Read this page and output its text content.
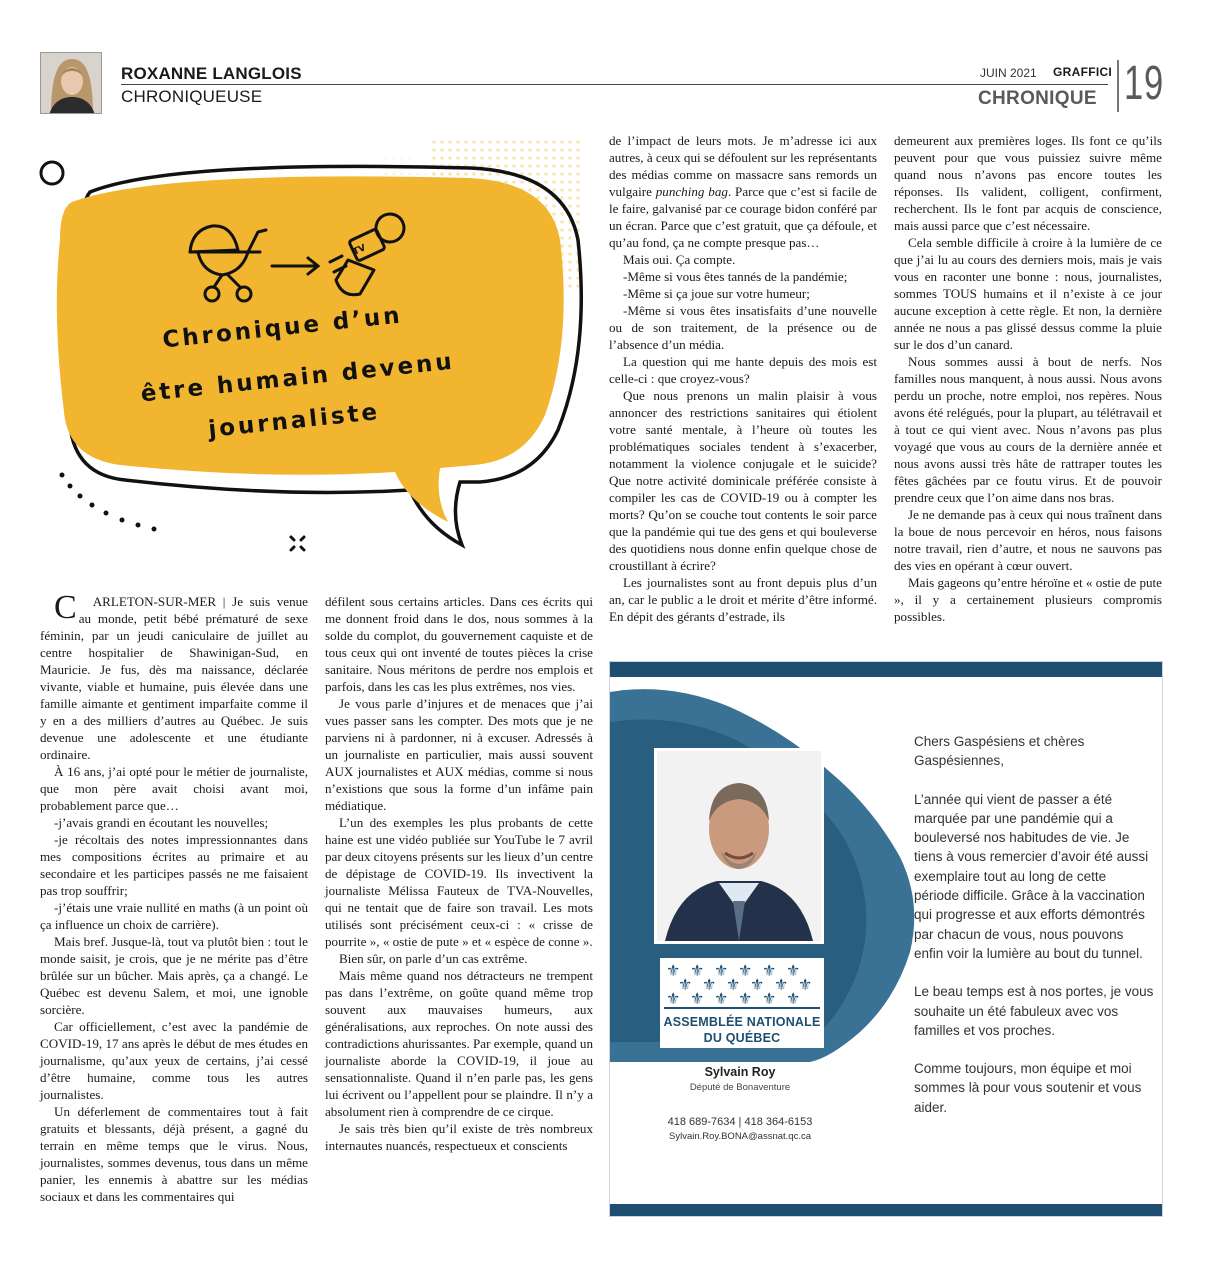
ROXANNE LANGLOIS
CHRONIQUEUSE
JUIN 2021 GRAFFICI
CHRONIQUE 19
TV
Chronique d’un
être humain devenu
journaliste

C ARLETON-SUR-MER | Je suis venue au monde, petit bébé prématuré de sexe féminin, par un jeudi caniculaire de juillet au centre hospitalier de Shawinigan-Sud, en Mauricie. Je fus, dès ma naissance, déclarée vivante, viable et humaine, puis élevée dans une famille aimante et gentiment imparfaite comme il y en a des milliers d’autres au Québec. Je suis devenue une adolescente et une étudiante ordinaire.

À 16 ans, j’ai opté pour le métier de journaliste, que mon père avait choisi avant moi, probablement parce que…

-j’avais grandi en écoutant les nouvelles;

-je récoltais des notes impressionnantes dans mes compositions écrites au primaire et au secondaire et les participes passés ne me faisaient pas trop souffrir;

-j’étais une vraie nullité en maths (à un point où ça influence un choix de carrière).

Mais bref. Jusque-là, tout va plutôt bien : tout le monde saisit, je crois, que je ne mérite pas d’être brûlée sur un bûcher. Mais après, ça a changé. Le Québec est devenu Salem, et moi, une ignoble sorcière.

Car officiellement, c’est avec la pandémie de COVID-19, 17 ans après le début de mes études en journalisme, qu’aux yeux de certains, j’ai cessé d’être humaine, comme tous les autres journalistes.

Un déferlement de commentaires tout à fait gratuits et blessants, déjà présent, a gagné du terrain en même temps que le virus. Nous, journalistes, sommes devenus, tous dans un même panier, les ennemis à abattre sur les médias sociaux et dans les commentaires qui

défilent sous certains articles. Dans ces écrits qui me donnent froid dans le dos, nous sommes à la solde du complot, du gouvernement caquiste et de tous ceux qui ont inventé de toutes pièces la crise sanitaire. Nous méritons de perdre nos emplois et parfois, dans les cas les plus extrêmes, nos vies.

Je vous parle d’injures et de menaces que j’ai vues passer sans les compter. Des mots que je ne parviens ni à pardonner, ni à excuser. Adressés à un journaliste en particulier, mais aussi souvent AUX journalistes et AUX médias, comme si nous n’existions que sous la forme d’un infâme pain médiatique.

L’un des exemples les plus probants de cette haine est une vidéo publiée sur YouTube le 7 avril par deux citoyens présents sur les lieux d’un centre de dépistage de COVID-19. Ils invectivent la journaliste Mélissa Fauteux de TVA-Nouvelles, qui ne tentait que de faire son travail. Les mots utilisés sont précisément ceux-ci : « crisse de pourrite », « ostie de pute » et « espèce de conne ».

Bien sûr, on parle d’un cas extrême.

Mais même quand nos détracteurs ne trempent pas dans l’extrême, on goûte quand même trop souvent aux mauvaises humeurs, aux généralisations, aux reproches. On note aussi des contradictions ahurissantes. Par exemple, quand un journaliste aborde la COVID-19, il joue au sensationnaliste. Quand il n’en parle pas, les gens lui écrivent ou l’appellent pour se plaindre. Il n’y a absolument rien à comprendre de ce cirque.

Je sais très bien qu’il existe de très nombreux internautes nuancés, respectueux et conscients

de l’impact de leurs mots. Je m’adresse ici aux autres, à ceux qui se défoulent sur les représentants des médias comme on massacre sans remords un vulgaire punching bag. Parce que c’est si facile de le faire, galvanisé par ce courage bidon conféré par un écran. Parce que c’est gratuit, que ça défoule, et qu’au fond, ça ne compte presque pas…

Mais oui. Ça compte.

-Même si vous êtes tannés de la pandémie;

-Même si ça joue sur votre humeur;

-Même si vous êtes insatisfaits d’une nouvelle ou de son traitement, de la présence ou de l’absence d’un média.

La question qui me hante depuis des mois est celle-ci : que croyez-vous?

Que nous prenons un malin plaisir à vous annoncer des restrictions sanitaires qui étiolent votre santé mentale, à l’heure où toutes les problématiques sociales tendent à s’exacerber, notamment la violence conjugale et le suicide? Que notre activité dominicale préférée consiste à compiler les cas de COVID-19 ou à compter les morts? Qu’on se couche tout contents le soir parce que la pandémie qui tue des gens et qui bouleverse des quotidiens nous donne enfin quelque chose de croustillant à écrire?

Les journalistes sont au front depuis plus d’un an, car le public a le droit et mérite d’être informé. En dépit des gérants d’estrade, ils

demeurent aux premières loges. Ils font ce qu’ils peuvent pour que vous puissiez suivre même quand nous n’avons pas encore toutes les réponses. Ils valident, colligent, confirment, recherchent. Ils le font par acquis de conscience, mais aussi parce que c’est nécessaire.

Cela semble difficile à croire à la lumière de ce que j’ai lu au cours des derniers mois, mais je vais vous en raconter une bonne : nous, journalistes, sommes TOUS humains et il n’existe à ce jour aucune exception à cette règle. Et non, la dernière année ne nous a pas glissé dessus comme la pluie sur le dos d’un canard.

Nous sommes aussi à bout de nerfs. Nos familles nous manquent, à nous aussi. Nous avons perdu un proche, notre emploi, nos repères. Nous avons été relégués, pour la plupart, au télétravail et à tout ce qui vient avec. Nous n’avons pas plus voyagé que vous au cours de la dernière année et nous avons aussi très hâte de rattraper toutes les fêtes gâchées par ce foutu virus. Et de pouvoir prendre ceux que l’on aime dans nos bras.

Je ne demande pas à ceux qui nous traînent dans la boue de nous percevoir en héros, nous faisons notre travail, rien d’autre, et nous ne sauvons pas des vies en opérant à cœur ouvert.

Mais gageons qu’entre héroïne et « ostie de pute », il y a certainement plusieurs compromis possibles.

⚜ ⚜ ⚜ ⚜ ⚜ ⚜
⚜ ⚜ ⚜ ⚜ ⚜ ⚜
⚜ ⚜ ⚜ ⚜ ⚜ ⚜
ASSEMBLÉE NATIONALE
DU QUÉBEC
Sylvain Roy
Député de Bonaventure
418 689-7634 | 418 364-6153
Sylvain.Roy.BONA@assnat.qc.ca

Chers Gaspésiens et chères Gaspésiennes,

L’année qui vient de passer a été marquée par une pandémie qui a bouleversé nos habitudes de vie. Je tiens à vous remercier d’avoir été aussi exemplaire tout au long de cette période difficile. Grâce à la vaccination qui progresse et aux efforts démontrés par chacun de vous, nous pouvons enfin voir la lumière au bout du tunnel.

Le beau temps est à nos portes, je vous souhaite un été fabuleux avec vos familles et vos proches.

Comme toujours, mon équipe et moi sommes là pour vous soutenir et vous aider.
